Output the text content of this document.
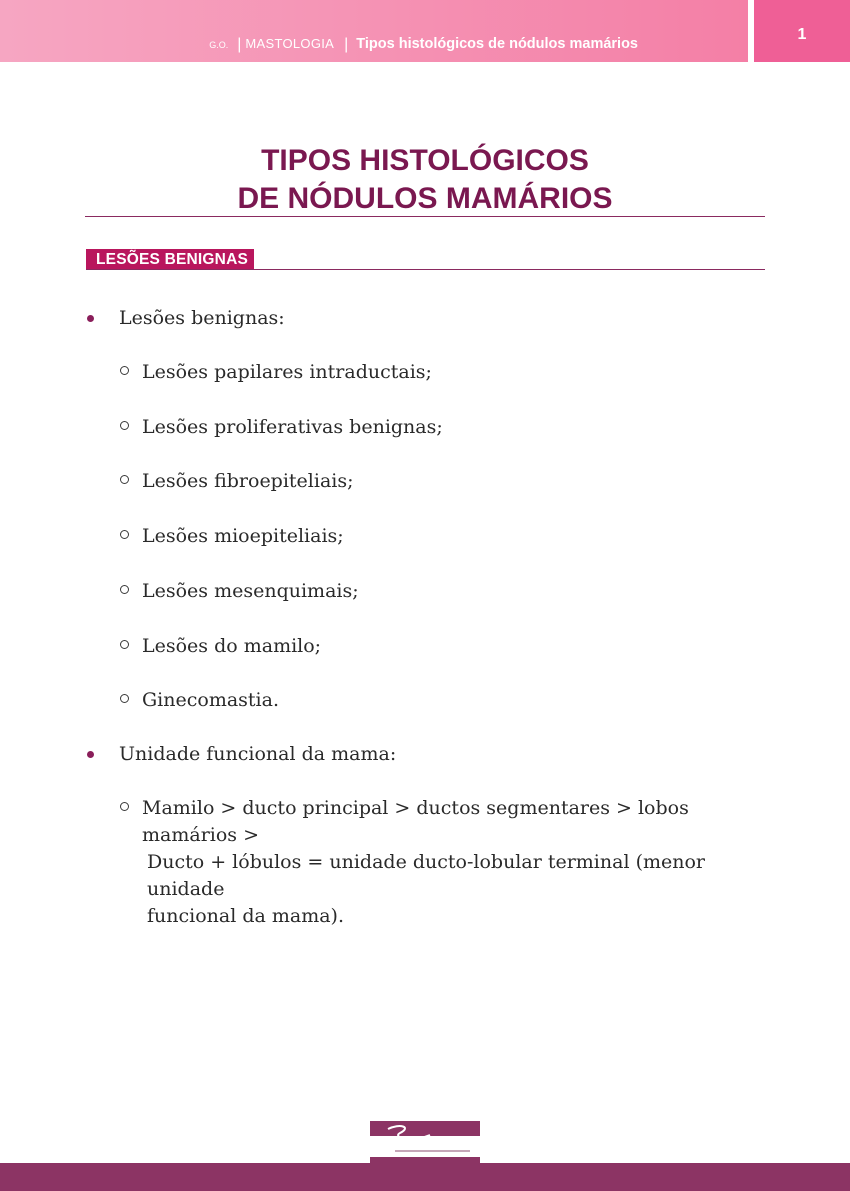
G.O. | MASTOLOGIA | Tipos histológicos de nódulos mamários
1
TIPOS HISTOLÓGICOS
DE NÓDULOS MAMÁRIOS
LESÕES BENIGNAS

Lesões benignas:

Lesões papilares intraductais;

Lesões proliferativas benignas;

Lesões fibroepiteliais;

Lesões mioepiteliais;

Lesões mesenquimais;

Lesões do mamilo;

Ginecomastia.

Unidade funcional da mama:

Mamilo > ducto principal > ductos segmentares > lobos mamários >
Ducto + lóbulos = unidade ducto-lobular terminal (menor unidade
funcional da mama).
